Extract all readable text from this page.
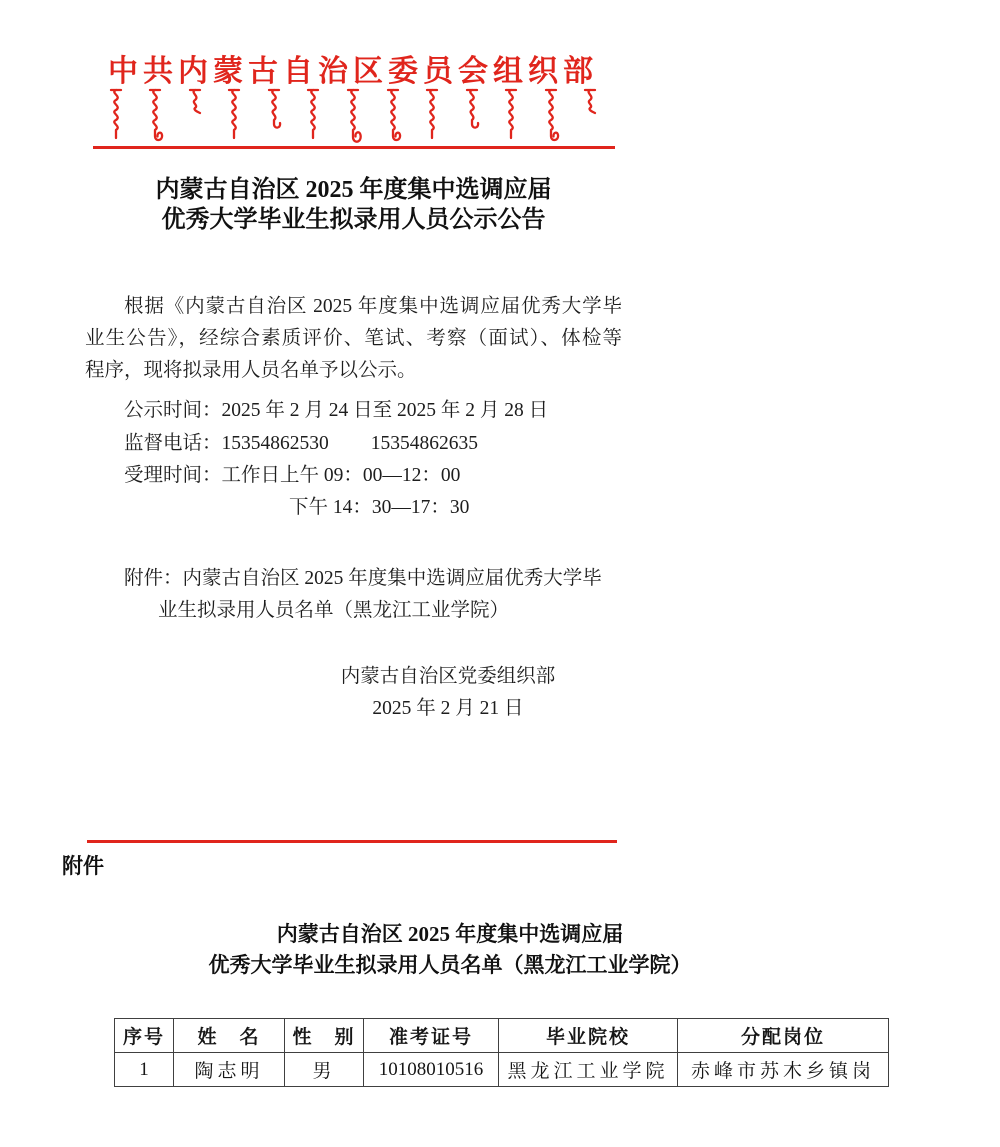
中共内蒙古自治区委员会组织部
内蒙古自治区 2025 年度集中选调应届
优秀大学毕业生拟录用人员公示公告
根据《内蒙古自治区 2025 年度集中选调应届优秀大学毕
业生公告》，经综合素质评价、笔试、考察（面试）、体检等
程序，现将拟录用人员名单予以公示。
公示时间：2025 年 2 月 24 日至 2025 年 2 月 28 日
监督电话：15354862530 15354862635
受理时间：工作日上午 09：00—12：00
下午 14：30—17：30
附件：内蒙古自治区 2025 年度集中选调应届优秀大学毕
业生拟录用人员名单（黑龙江工业学院）
内蒙古自治区党委组织部
2025 年 2 月 21 日
附件
内蒙古自治区 2025 年度集中选调应届
优秀大学毕业生拟录用人员名单（黑龙江工业学院）
序号	姓　名	性　别	准考证号	毕业院校	分配岗位
1	陶志明	男	10108010516	黑龙江工业学院	赤峰市苏木乡镇岗
